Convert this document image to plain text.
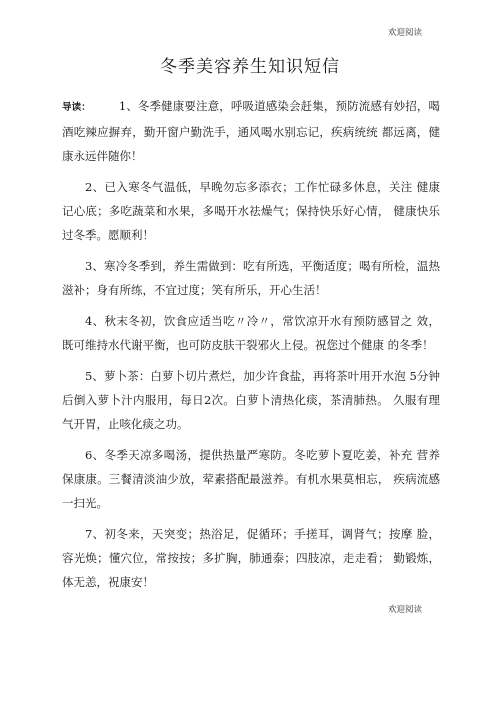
欢迎阅读
冬季美容养生知识短信

导读： 1、冬季健康要注意，呼吸道感染会赶集，预防流感有妙招，喝酒吃辣应摒弃，勤开窗户勤洗手，通风喝水别忘记，疾病统统 都远离，健康永远伴随你！

2、已入寒冬气温低，早晚勿忘多添衣；工作忙碌多休息，关注 健康记心底；多吃蔬菜和水果，多喝开水祛燥气；保持快乐好心情， 健康快乐过冬季。愿顺利！

3、寒冷冬季到，养生需做到：吃有所选，平衡适度；喝有所检，温热滋补；身有所练，不宜过度；笑有所乐，开心生活！

4、秋末冬初，饮食应适当吃〃冷〃，常饮凉开水有预防感冒之 效，既可维持水代谢平衡，也可防皮肤干裂邪火上侵。祝您过个健康 的冬季！

5、萝卜茶：白萝卜切片煮烂，加少许食盐，再将茶叶用开水泡 5分钟后倒入萝卜汁内服用，每日2次。白萝卜清热化痰，茶清肺热。 久服有理气开胃，止咳化痰之功。

6、冬季天凉多喝汤，提供热量严寒防。冬吃萝卜夏吃姜，补充 营养保康康。三餐清淡油少放，荤素搭配最滋养。有机水果莫相忘， 疾病流感一扫光。

7、初冬来，天突变；热浴足，促循环；手搓耳，调肾气；按摩 脸，容光焕；懂穴位，常按按；多扩胸，肺通泰；四肢凉，走走看； 勤锻炼，体无恙，祝康安！

欢迎阅读
